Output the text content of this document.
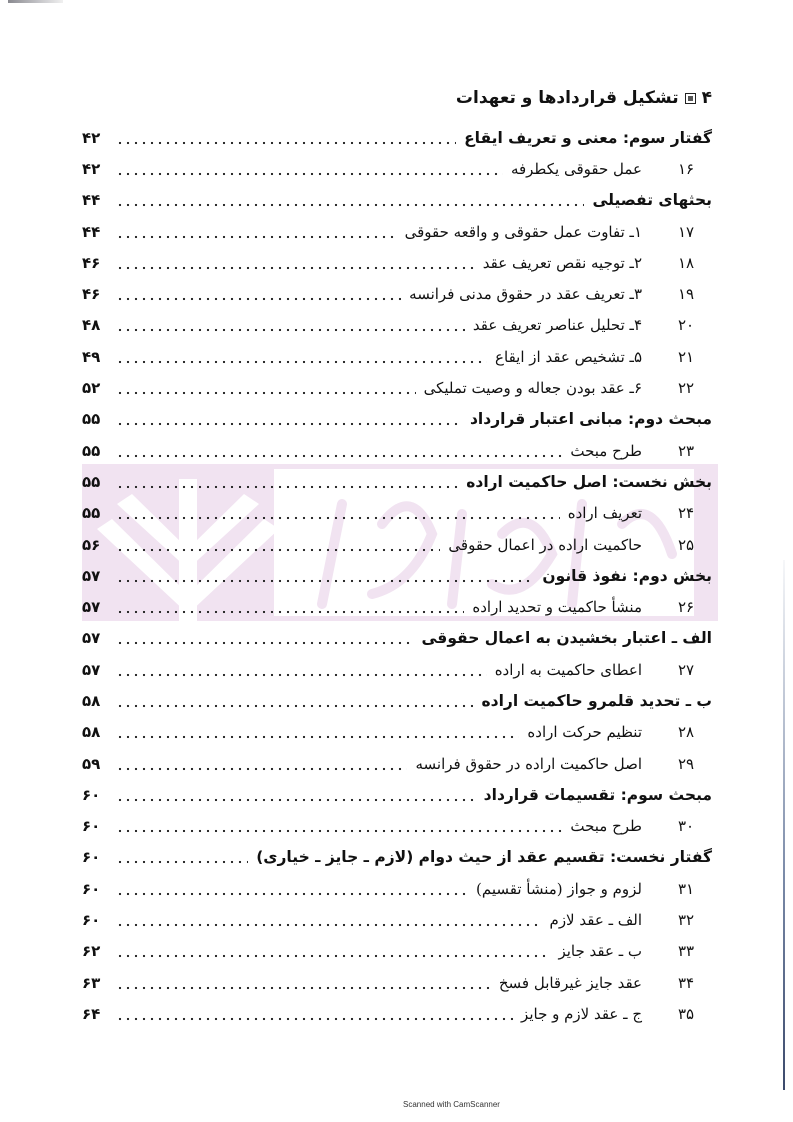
۴
تشکیل قراردادها و تعهدات
گفتار سوم: معنی و تعریف ایقاع
۴۲
۱۶
عمل حقوقی یکطرفه
۴۲
بحثهای تفصیلی
۴۴
۱۷
۱ـ تفاوت عمل حقوقی و واقعه حقوقی
۴۴
۱۸
۲ـ توجیه نقص تعریف عقد
۴۶
۱۹
۳ـ تعریف عقد در حقوق مدنی فرانسه
۴۶
۲۰
۴ـ تحلیل عناصر تعریف عقد
۴۸
۲۱
۵ـ تشخیص عقد از ایقاع
۴۹
۲۲
۶ـ عقد بودن جعاله و وصیت تملیکی
۵۲
مبحث دوم: مبانی اعتبار قرارداد
۵۵
۲۳
طرح مبحث
۵۵
بخش نخست: اصل حاکمیت اراده
۵۵
۲۴
تعریف اراده
۵۵
۲۵
حاکمیت اراده در اعمال حقوقی
۵۶
بخش دوم: نفوذ قانون
۵۷
۲۶
منشأ حاکمیت و تحدید اراده
۵۷
الف ـ اعتبار بخشیدن به اعمال حقوقی
۵۷
۲۷
اعطای حاکمیت به اراده
۵۷
ب ـ تحدید قلمرو حاکمیت اراده
۵۸
۲۸
تنظیم حرکت اراده
۵۸
۲۹
اصل حاکمیت اراده در حقوق فرانسه
۵۹
مبحث سوم: تقسیمات قرارداد
۶۰
۳۰
طرح مبحث
۶۰
گفتار نخست: تقسیم عقد از حیث دوام (لازم ـ جایز ـ خیاری)
۶۰
۳۱
لزوم و جواز (منشأ تقسیم)
۶۰
۳۲
الف ـ عقد لازم
۶۰
۳۳
ب ـ عقد جایز
۶۲
۳۴
عقد جایز غیرقابل فسخ
۶۳
۳۵
ج ـ عقد لازم و جایز
۶۴
Scanned with CamScanner
